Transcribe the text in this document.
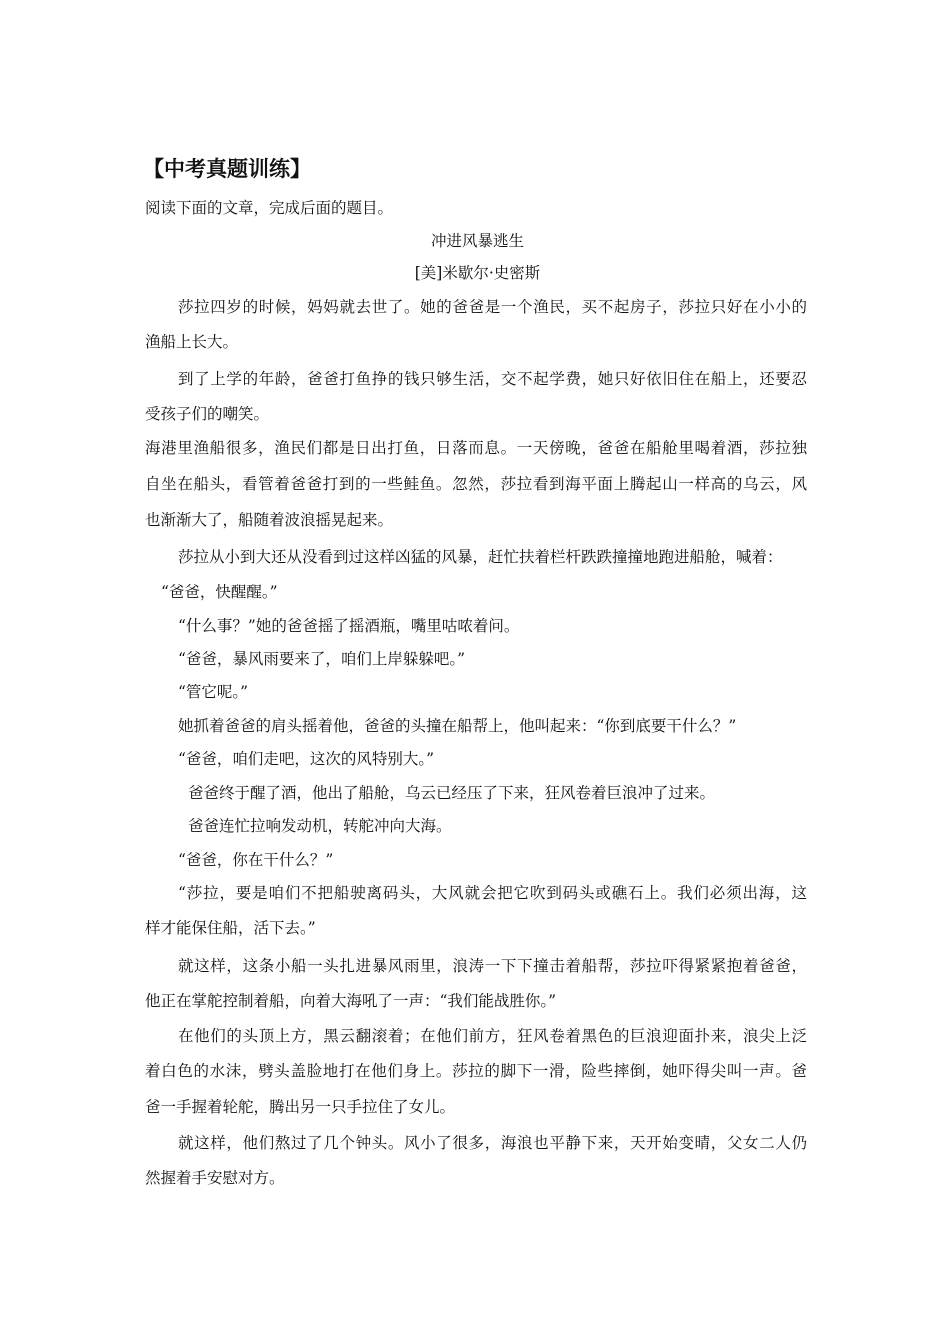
【中考真题训练】
阅读下面的文章，完成后面的题目。
冲进风暴逃生
[美]米歇尔·史密斯
莎拉四岁的时候，妈妈就去世了。她的爸爸是一个渔民，买不起房子，莎拉只好在小小的
渔船上长大。
到了上学的年龄，爸爸打鱼挣的钱只够生活，交不起学费，她只好依旧住在船上，还要忍
受孩子们的嘲笑。
海港里渔船很多，渔民们都是日出打鱼，日落而息。一天傍晚，爸爸在船舱里喝着酒，莎拉独
自坐在船头，看管着爸爸打到的一些鲑鱼。忽然，莎拉看到海平面上腾起山一样高的乌云，风
也渐渐大了，船随着波浪摇晃起来。
莎拉从小到大还从没看到过这样凶猛的风暴，赶忙扶着栏杆跌跌撞撞地跑进船舱，喊着：
“爸爸，快醒醒。”
“什么事？”她的爸爸摇了摇酒瓶，嘴里咕哝着问。
“爸爸，暴风雨要来了，咱们上岸躲躲吧。”
“管它呢。”
她抓着爸爸的肩头摇着他，爸爸的头撞在船帮上，他叫起来：“你到底要干什么？”
“爸爸，咱们走吧，这次的风特别大。”
爸爸终于醒了酒，他出了船舱，乌云已经压了下来，狂风卷着巨浪冲了过来。
爸爸连忙拉响发动机，转舵冲向大海。
“爸爸，你在干什么？”
“莎拉，要是咱们不把船驶离码头，大风就会把它吹到码头或礁石上。我们必须出海，这
样才能保住船，活下去。”
就这样，这条小船一头扎进暴风雨里，浪涛一下下撞击着船帮，莎拉吓得紧紧抱着爸爸，
他正在掌舵控制着船，向着大海吼了一声：“我们能战胜你。”
在他们的头顶上方，黑云翻滚着；在他们前方，狂风卷着黑色的巨浪迎面扑来，浪尖上泛
着白色的水沫，劈头盖脸地打在他们身上。莎拉的脚下一滑，险些摔倒，她吓得尖叫一声。爸
爸一手握着轮舵，腾出另一只手拉住了女儿。
就这样，他们熬过了几个钟头。风小了很多，海浪也平静下来，天开始变晴，父女二人仍
然握着手安慰对方。
